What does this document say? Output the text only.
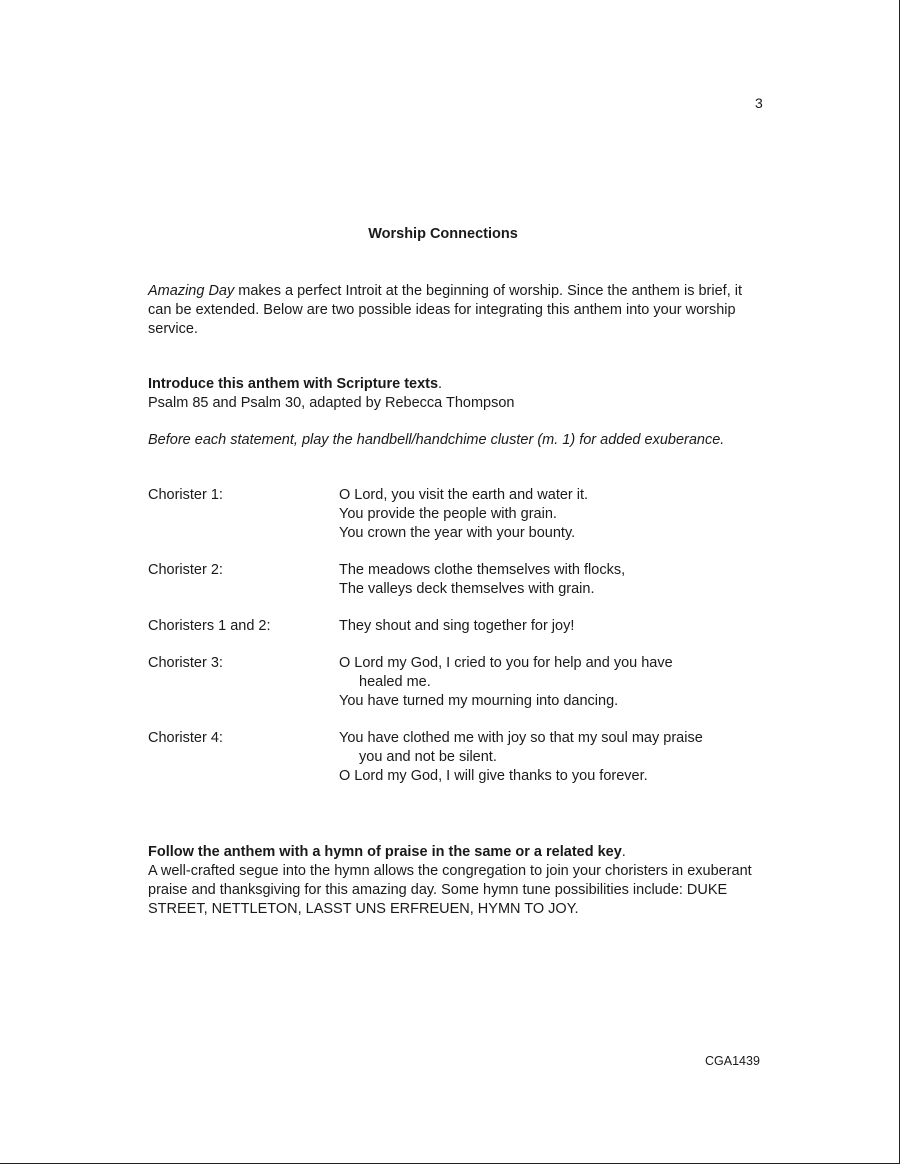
3
Worship Connections
Amazing Day makes a perfect Introit at the beginning of worship. Since the anthem is brief, it can be extended. Below are two possible ideas for integrating this anthem into your worship service.
Introduce this anthem with Scripture texts.
Psalm 85 and Psalm 30, adapted by Rebecca Thompson
Before each statement, play the handbell/handchime cluster (m. 1) for added exuberance.
Chorister 1:	O Lord, you visit the earth and water it.
You provide the people with grain.
You crown the year with your bounty.
Chorister 2:	The meadows clothe themselves with flocks,
The valleys deck themselves with grain.
Choristers 1 and 2:	They shout and sing together for joy!
Chorister 3:	O Lord my God, I cried to you for help and you have
healed me.
You have turned my mourning into dancing.
Chorister 4:	You have clothed me with joy so that my soul may praise
you and not be silent.
O Lord my God, I will give thanks to you forever.
Follow the anthem with a hymn of praise in the same or a related key.
A well-crafted segue into the hymn allows the congregation to join your choristers in exuberant praise and thanksgiving for this amazing day. Some hymn tune possibilities include: DUKE STREET, NETTLETON, LASST UNS ERFREUEN, HYMN TO JOY.
CGA1439
